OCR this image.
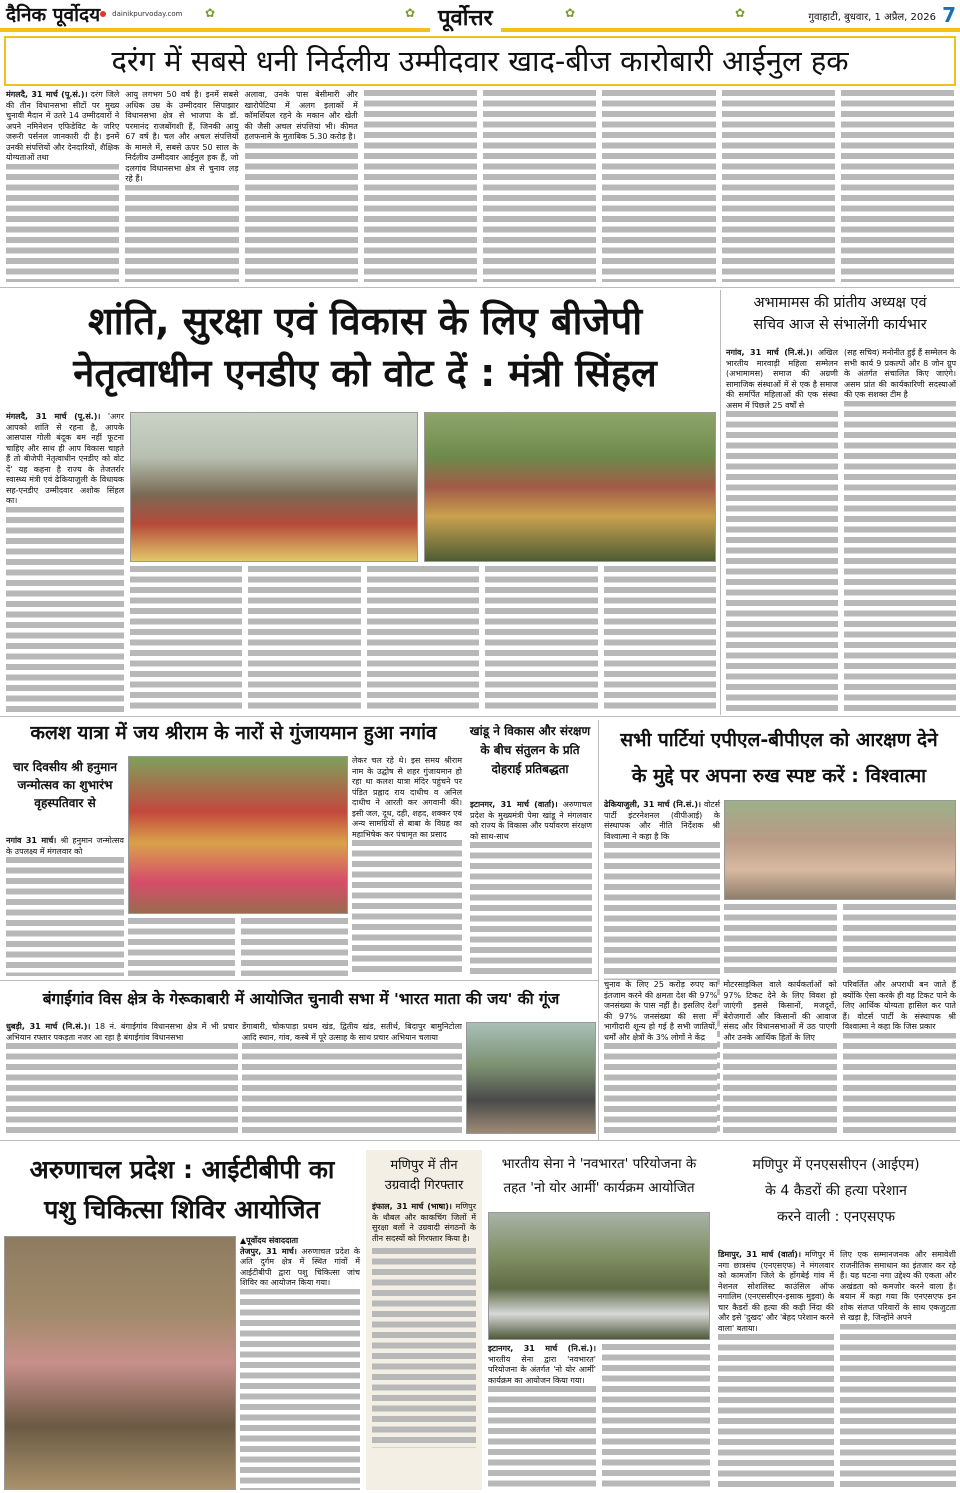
दैनिक पूर्वोदय dainikpurvoday.com ✿	✿	पूर्वोत्तर	✿	✿	गुवाहाटी, बुधवार, 1 अप्रैल, 2026 7
दरंग में सबसे धनी निर्दलीय उम्मीदवार खाद-बीज कारोबारी आईनुल हक
मंगलदै, 31 मार्च (पू.सं.)। दरंग जिले की तीन विधानसभा सीटों पर मुख्य चुनावी मैदान में उतरे 14 उम्मीदवारों ने अपने नमिनेशन एफिडेविट के जरिए जरूरी पर्सनल जानकारी दी है। इनमें उनकी संपत्तियों और देनदारियों, शैक्षिक योग्यताओं तथा
आयु लगभग 50 वर्ष है। इनमें सबसे अधिक उम्र के उम्मीदवार सिपाझार विधानसभा क्षेत्र से भाजपा के डॉ. परमानंद राजबोंगशी हैं, जिनकी आयु 67 वर्ष है। चल और अचल संपत्तियों के मामले में, सबसे ऊपर 50 साल के निर्दलीय उम्मीदवार आईनुल हक हैं, जो दलगांव विधानसभा क्षेत्र से चुनाव लड़ रहे हैं।
अलावा, उनके पास बेसीमारी और खारोपेटिया में अलग इलाकों में कॉमर्शियल रहने के मकान और खेती की जैसी अचल संपत्तियां भी। कीमत हलफनामे के मुताबिक 5.30 करोड़ है।
शांति, सुरक्षा एवं विकास के लिए बीजेपी
नेतृत्वाधीन एनडीए को वोट दें : मंत्री सिंहल
मंगलदै, 31 मार्च (पू.सं.)। 'अगर आपको शांति से रहना है, आपके आसपास गोली बंदूक बम नहीं फूटना चाहिए और साथ ही आप विकास चाहते हैं तो बीजेपी नेतृत्वाधीन एनडीए को वोट दें' यह कहना है राज्य के तेजतर्रार स्वास्थ्य मंत्री एवं ढेकियाजुली के विधायक सह-एनडीए उम्मीदवार अशोक सिंहल का।
अभामामस की प्रांतीय अध्यक्ष एवं
सचिव आज से संभालेंगी कार्यभार
नगांव, 31 मार्च (नि.सं.)। अखिल भारतीय मारवाड़ी महिला सम्मेलन (अभामामस) समाज की अग्रणी सामाजिक संस्थाओं में से एक है समाज की समर्पित महिलाओं की एक संस्था असम में पिछले 25 वर्षों से
(सह सचिव) मनोनीत हुई हैं सम्मेलन के सभी कार्य 9 प्रकल्पों और 8 जोन ग्रुप के अंतर्गत संचालित किए जाएंगे। असम प्रांत की कार्यकारिणी सदस्याओं की एक सशक्त टीम है
कलश यात्रा में जय श्रीराम के नारों से गुंजायमान हुआ नगांव
चार दिवसीय श्री हनुमान जन्मोत्सव का शुभारंभ वृहस्पतिवार से
नगांव 31 मार्च। श्री हनुमान जन्मोत्सव के उपलक्ष्य में मंगलवार को
लेकर चल रहे थे। इस समय श्रीराम नाम के उद्घोष से शहर गुंजायमान हो रहा था कलश यात्रा मंदिर पहुंचने पर पंडित प्रह्लाद राय दाधीच व अनिल दाधीच ने आरती कर अगवानी की। इसी जल, दूध, दही, शहद, शक्कर एवं अन्य सामग्रियों से बाबा के विग्रह का महाभिषेक कर पंचामृत का प्रसाद
खांडू ने विकास और संरक्षण के बीच संतुलन के प्रति दोहराई प्रतिबद्धता
इटानगर, 31 मार्च (वार्ता)। अरुणाचल प्रदेश के मुख्यमंत्री पेमा खांडू ने मंगलवार को राज्य के विकास और पर्यावरण संरक्षण को साथ-साथ
सभी पार्टियां एपीएल-बीपीएल को आरक्षण देने
के मुद्दे पर अपना रुख स्पष्ट करें : विश्वात्मा
ढेकियाजुली, 31 मार्च (नि.सं.)। वोटर्स पार्टी इंटरनेशनल (वीपीआई) के संस्थापक और नीति निर्देशक श्री विश्वात्मा ने कहा है कि
चुनाव के लिए 25 करोड़ रुपए का इंतजाम करने की क्षमता देश की 97% जनसंख्या के पास नहीं है। इसलिए देश की 97% जनसंख्या की सत्ता में भागीदारी शून्य हो गई है सभी जातियों, धर्मों और क्षेत्रों के 3% लोगों ने केंद्र
मोटरसाइकिल वाले कार्यकर्ताओं को 97% टिकट देने के लिए विवश हो जाएंगी इससे किसानों, मजदूरों, बेरोजगारों और किसानों की आवाज संसद और विधानसभाओं में उठ पाएगी और उनके आर्थिक हितों के लिए
परिवर्तित और अपराधी बन जाते हैं क्योंकि ऐसा करके ही वह टिकट पाने के लिए आर्थिक योग्यता हासिल कर पाते हैं। वोटर्स पार्टी के संस्थापक श्री विश्वात्मा ने कहा कि जिस प्रकार
बंगाईगांव विस क्षेत्र के गेरूकाबारी में आयोजित चुनावी सभा में 'भारत माता की जय' की गूंज
धुबड़ी, 31 मार्च (नि.सं.)। 18 नं. बंगाईगांव विधानसभा क्षेत्र में भी प्रचार अभियान रफ्तार पकड़ता नजर आ रहा है बंगाईगांव विधानसभा
डेंगाबारी, चोकपाड़ा प्रथम खंड, द्वितीय खंड, सतीर्थ, बिदापुर बामुनिटोला आदि स्थान, गांव, कस्बे में पूरे उत्साह के साथ प्रचार अभियान चलाया
अरुणाचल प्रदेश : आईटीबीपी का
पशु चिकित्सा शिविर आयोजित
▲पूर्वोदय संवाददाता
तेजपुर, 31 मार्च। अरुणाचल प्रदेश के अति दुर्गम क्षेत्र में स्थित गांवों में आईटीबीपी द्वारा पशु चिकित्सा जांच शिविर का आयोजन किया गया।
मणिपुर में तीन उग्रवादी गिरफ्तार
इंफाल, 31 मार्च (भाषा)। मणिपुर के थौबल और काकचिंग जिलों में सुरक्षा बलों ने उग्रवादी संगठनों के तीन सदस्यों को गिरफ्तार किया है।
भारतीय सेना ने 'नवभारत' परियोजना के
तहत 'नो योर आर्मी' कार्यक्रम आयोजित
इटानगर, 31 मार्च (नि.सं.)। भारतीय सेना द्वारा 'नवभारत' परियोजना के अंतर्गत 'नो योर आर्मी' कार्यक्रम का आयोजन किया गया।
मणिपुर में एनएससीएन (आईएम)
के 4 कैडरों की हत्या परेशान
करने वाली : एनएसएफ
डिमापुर, 31 मार्च (वार्ता)। मणिपुर में नगा छात्रसंघ (एनएसएफ) ने मंगलवार को कामजोंग जिले के होंगबेई गांव में नेशनल सोशलिस्ट काउंसिल ऑफ नगालिम (एनएससीएन-इसाक मुइवा) के चार कैडरों की हत्या की कड़ी निंदा की और इसे 'दुखद' और 'बेहद परेशान करने वाला' बताया।
लिए एक सम्मानजनक और समावेशी राजनीतिक समाधान का इंतजार कर रहे हैं। यह घटना नगा उद्देश्य की एकता और अखंडता को कमजोर करने वाला है। बयान में कहा गया कि एनएसएफ इन शोक संतप्त परिवारों के साथ एकजुटता से खड़ा है, जिन्होंने अपने
